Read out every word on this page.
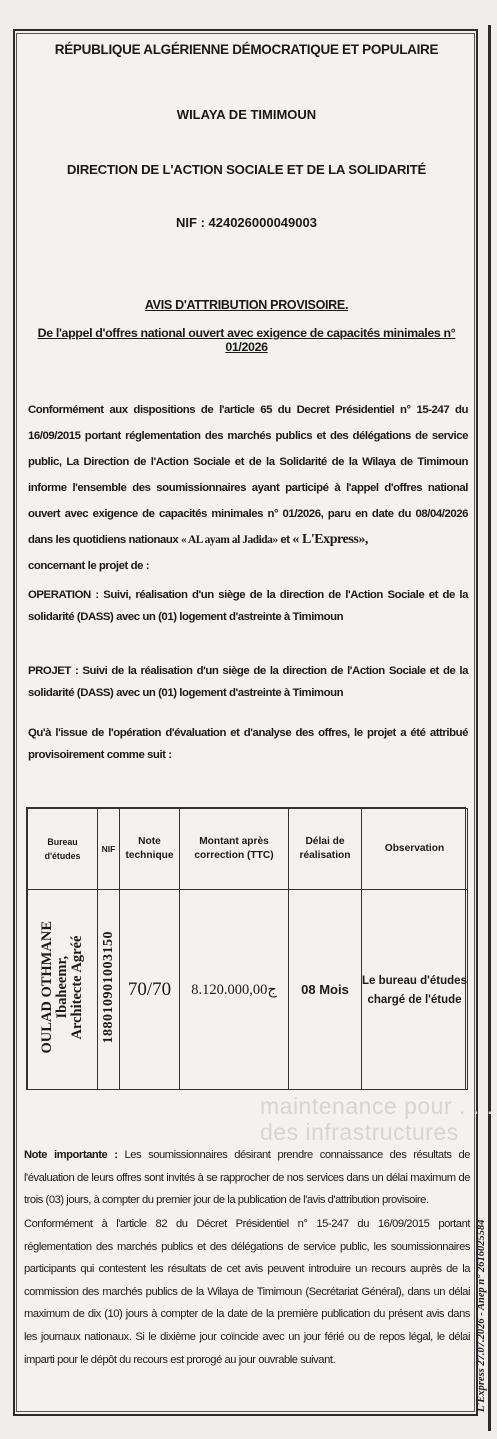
maintenance pour . . . des infrastructures
RÉPUBLIQUE ALGÉRIENNE DÉMOCRATIQUE ET POPULAIRE
WILAYA DE TIMIMOUN
DIRECTION DE L'ACTION SOCIALE ET DE LA SOLIDARITÉ
NIF : 424026000049003
AVIS D'ATTRIBUTION PROVISOIRE.
De l'appel d'offres national ouvert avec exigence de capacités minimales n° 01/2026
Conformément aux dispositions de l'article 65 du Decret Présidentiel n° 15-247 du 16/09/2015 portant réglementation des marchés publics et des délégations de service public, La Direction de l'Action Sociale et de la Solidarité de la Wilaya de Timimoun informe l'ensemble des soumissionnaires ayant participé à l'appel d'offres national ouvert avec exigence de capacités minimales n° 01/2026, paru en date du 08/04/2026 dans les quotidiens nationaux « AL ayam al Jadida» et « L'Express»,
concernant le projet de :
OPERATION : Suivi, réalisation d'un siège de la direction de l'Action Sociale et de la solidarité (DASS) avec un (01) logement d'astreinte à Timimoun
PROJET : Suivi de la réalisation d'un siège de la direction de l'Action Sociale et de la solidarité (DASS) avec un (01) logement d'astreinte à Timimoun
Qu'à l'issue de l'opération d'évaluation et d'analyse des offres, le projet a été attribué provisoirement comme suit :
Bureau d'études	NIF	Note technique	Montant après correction (TTC)	Délai de réalisation	Observation
OULAD OTHMANE
Ibaheemr,
Architecte Agréé	188010901003150	70/70	ج8.120.000,00	08 Mois	Le bureau d'études chargé de l'étude
Note importante : Les soumissionnaires désirant prendre connaissance des résultats de l'évaluation de leurs offres sont invités à se rapprocher de nos services dans un délai maximum de trois (03) jours, à compter du premier jour de la publication de l'avis d'attribution provisoire.
Conformément à l'article 82 du Décret Présidentiel n° 15-247 du 16/09/2015 portant réglementation des marchés publics et des délégations de service public, les soumissionnaires participants qui contestent les résultats de cet avis peuvent introduire un recours auprès de la commission des marchés publics de la Wilaya de Timimoun (Secrétariat Général), dans un délai maximum de dix (10) jours à compter de la date de la première publication du présent avis dans les journaux nationaux. Si le dixième jour coïncide avec un jour férié ou de repos légal, le délai imparti pour le dépôt du recours est prorogé au jour ouvrable suivant.	L'Express 27.07.2026 - Anep n° 2616025584
